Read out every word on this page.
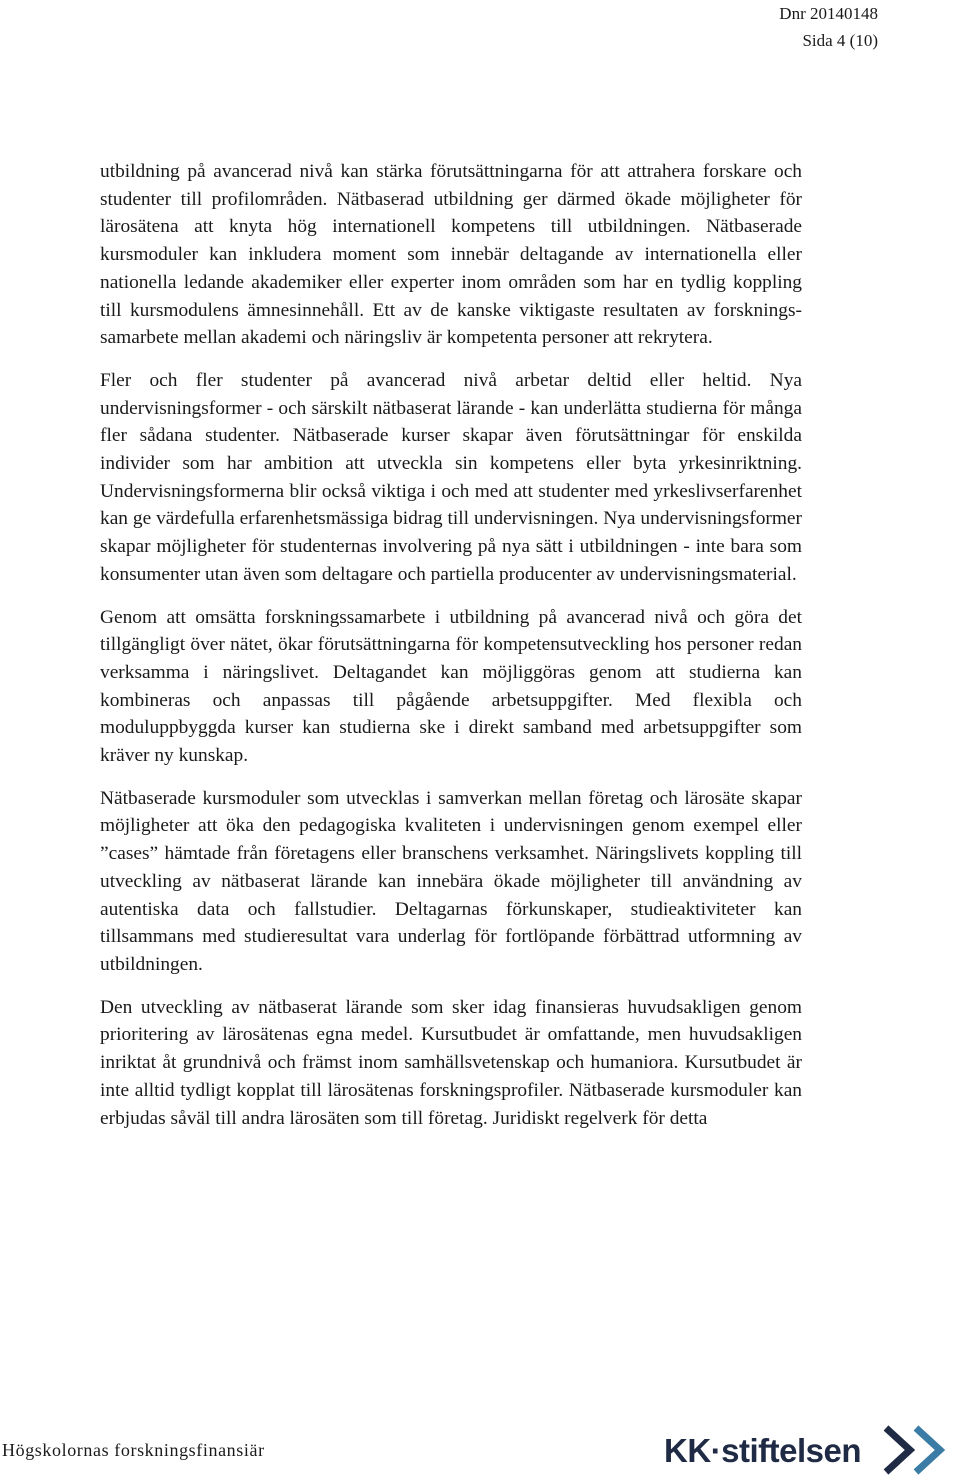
Dnr 20140148
Sida 4 (10)

utbildning på avancerad nivå kan stärka förutsättningarna för att attrahera forskare och studenter till profilområden. Nätbaserad utbildning ger därmed ökade möjligheter för lärosätena att knyta hög internationell kompetens till utbildningen. Nätbaserade kursmoduler kan inkludera moment som innebär deltagande av internationella eller nationella ledande akademiker eller experter inom områden som har en tydlig koppling till kursmodulens ämnesinnehåll. Ett av de kanske viktigaste resultaten av forskningssamarbete mellan akademi och näringsliv är kompetenta personer att rekrytera.

Fler och fler studenter på avancerad nivå arbetar deltid eller heltid. Nya undervisningsformer - och särskilt nätbaserat lärande - kan underlätta studierna för många fler sådana studenter. Nätbaserade kurser skapar även förutsättningar för enskilda individer som har ambition att utveckla sin kompetens eller byta yrkesinriktning. Undervisningsformerna blir också viktiga i och med att studenter med yrkeslivserfarenhet kan ge värdefulla erfarenhetsmässiga bidrag till undervisningen. Nya undervisningsformer skapar möjligheter för studenternas involvering på nya sätt i utbildningen - inte bara som konsumenter utan även som deltagare och partiella producenter av undervisningsmaterial.

Genom att omsätta forskningssamarbete i utbildning på avancerad nivå och göra det tillgängligt över nätet, ökar förutsättningarna för kompetensutveckling hos personer redan verksamma i näringslivet. Deltagandet kan möjliggöras genom att studierna kan kombineras och anpassas till pågående arbetsuppgifter. Med flexibla och moduluppbyggda kurser kan studierna ske i direkt samband med arbetsuppgifter som kräver ny kunskap.

Nätbaserade kursmoduler som utvecklas i samverkan mellan företag och lärosäte skapar möjligheter att öka den pedagogiska kvaliteten i undervisningen genom exempel eller ”cases” hämtade från företagens eller branschens verksamhet. Näringslivets koppling till utveckling av nätbaserat lärande kan innebära ökade möjligheter till användning av autentiska data och fallstudier. Deltagarnas förkunskaper, studieaktiviteter kan tillsammans med studieresultat vara underlag för fortlöpande förbättrad utformning av utbildningen.

Den utveckling av nätbaserat lärande som sker idag finansieras huvudsakligen genom prioritering av lärosätenas egna medel. Kursutbudet är omfattande, men huvudsakligen inriktat åt grundnivå och främst inom samhällsvetenskap och humaniora. Kursutbudet är inte alltid tydligt kopplat till lärosätenas forskningsprofiler. Nätbaserade kursmoduler kan erbjudas såväl till andra lärosäten som till företag. Juridiskt regelverk för detta

Högskolornas forskningsfinansiär	KK·stiftelsen
